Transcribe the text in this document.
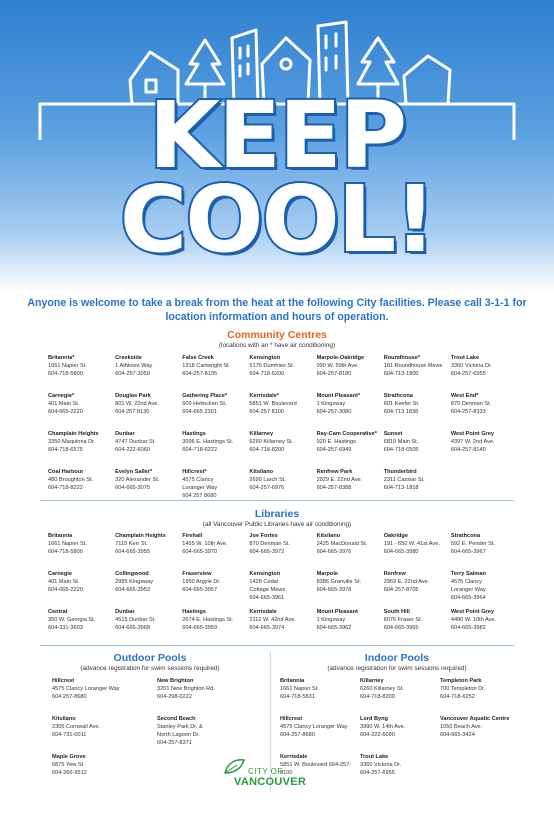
KEEP
COOL!
Anyone is welcome to take a break from the heat at the following City facilities. Please call 3-1-1 for location information and hours of operation.
Community Centres
(locations with an * have air conditioning)
Britannia*
1661 Napier St.
604-718-5800
Creekside
1 Athletes Way
604-257-3050
False Creek
1318 Cartwright St.
604-257-8195
Kensington
5175 Dumfries St.
604-718-6200
Marpole-Oakridge
990 W. 59th Ave.
604-257-8180
Roundhouse*
181 Roundhouse Mews
604-713-1800
Trout Lake
3360 Victoria Dr.
604-257-6955
Carnegie*
401 Main St.
604-665-2220
Douglas Park
801 W. 22nd Ave.
604 257 8130
Gathering Place*
609 Helmcken St.
604-665 2391
Kerrisdale*
5851 W. Boulevard
604-257 8100
Mount Pleasant*
1 Kingsway
604-257-3080
Strathcona
601 Keefer St.
604-713 1838
West End*
870 Denman St.
604-257-8333
Champlain Heights
3350 Maquinna Dr.
604-718-6575
Dunbar
4747 Dunbar St.
604-222-6060
Hastings
3096 E. Hastings St.
604-718-6222
Killarney
6260 Killarney St.
604-718-8200
Ray-Cam Cooperative*
920 E. Hastings
604-257-6949
Sunset
6810 Main St.
604-718-6505
West Point Grey
4397 W. 2nd Ave.
604-257-8140
Coal Harbour
480 Broughton St.
604-718-8222
Evelyn Saller*
320 Alexander St.
604-665-3075
Hillcrest*
4575 Clancy
Loranger Way
604 257 8680
Kitsilano
2690 Larch St.
604-257-6976
Renfrew Park
2929 E. 22nd Ave.
604-257-8388
Thunderbird
2311 Cassiar St.
604-713-1818
Libraries
(all Vancouver Public Libraries have air conditioning)
Britannia
1661 Napier St.
604-718-5800
Champlain Heights
7110 Kerr St.
604-665-3955
Firehall
1455 W. 10th Ave.
604-665-3970
Joe Fortes
870 Denman St.
604-665-3972
Kitsilano
2425 MacDonald St.
604-665-3976
Oakridge
191 - 650 W. 41st Ave.
604-665-3980
Strathcona
592 E. Pender St.
604-665-3967
Carnegie
401 Main St.
604-665-2220
Collingwood
2985 Kingsway
604-665-3953
Fraserview
1950 Argyle Dr.
604-665-3957
Kensington
1428 Cedar
Cottage Mews
604-665-3961
Marpole
8386 Granville St.
604-665-3978
Renfrew
2969 E. 22nd Ave.
604-257-8705
Terry Salman
4575 Clancy
Loranger Way
604-665-3964
Central
350 W. Georgia St.
604-331-3603
Dunbar
4515 Dunbar St.
604-665-3968
Hastings
2674 E. Hastings St.
604-665-3959
Kerrisdale
2112 W. 42nd Ave.
604-665-3974
Mount Pleasant
1 Kingsway
604-665-3962
South Hill
6076 Fraser St.
604-665-3965
West Point Grey
4480 W. 10th Ave.
604-665-3982
Outdoor Pools
(advance registration for swim sessions required)
Hillcrest
4575 Clancy Loranger Way
604 257-8680
New Brighton
3201 New Brighton Rd.
604-298-0222
Kitsilano
2305 Cornwall Ave.
604-731-0011
Second Beach
Stanley Park Dr. &
North Lagoon Dr.
604-257-8371
Maple Grove
6875 Yew St.
604-266-9512
Indoor Pools
(advance registration for swim sessions required)
Britannia
1661 Napier St.
604-718-5831
Killarney
6260 Killarney St.
604-718-8200
Templeton Park
700 Templeton Dr.
604-718-6252
Hillcrest
4575 Clancy Loranger Way
604-257-8680
Lord Byng
3990 W. 14th Ave.
604-222-6090
Vancouver Aquatic Centre
1050 Beach Ave.
604-665-3424
Kerrisdale
5851 W. Boulevard 604-257-8100
Trout Lake
3360 Victoria Dr.
604-257-6955
CITY OF
VANCOUVER
